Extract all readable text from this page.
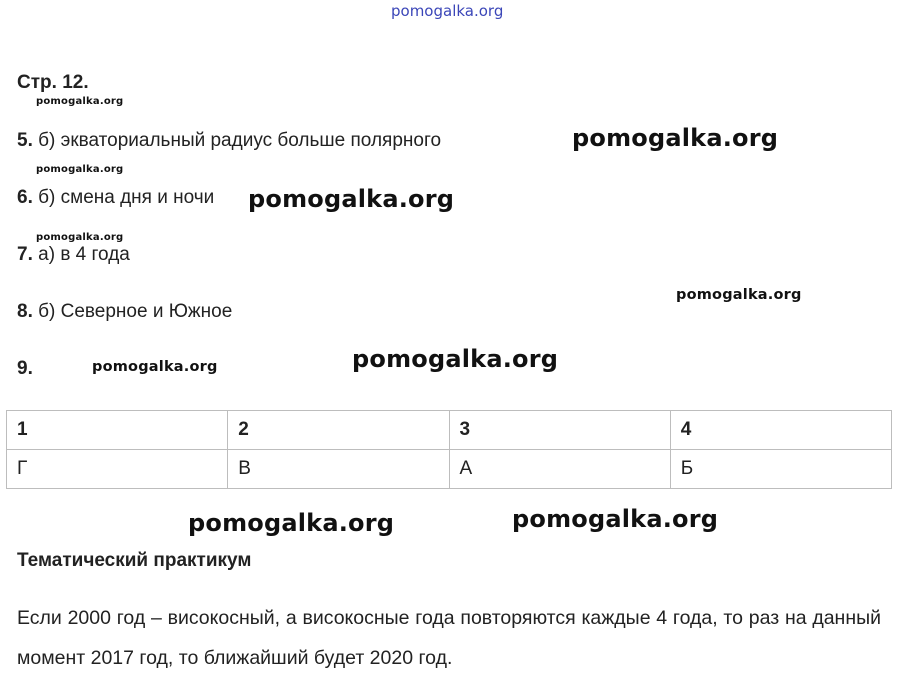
pomogalka.org
Стр. 12.
pomogalka.org
pomogalka.org
pomogalka.org
5. б) экваториальный радиус больше полярного
6. б) смена дня и ночи
7. а) в 4 года
8. б) Северное и Южное
9.
pomogalka.org
pomogalka.org
pomogalka.org
pomogalka.org
pomogalka.org
1	2	3	4
Г	В	А	Б
pomogalka.org	pomogalka.org
Тематический практикум
Если 2000 год – високосный, а високосные года повторяются каждые 4 года, то раз на данный момент 2017 год, то ближайший будет 2020 год.
